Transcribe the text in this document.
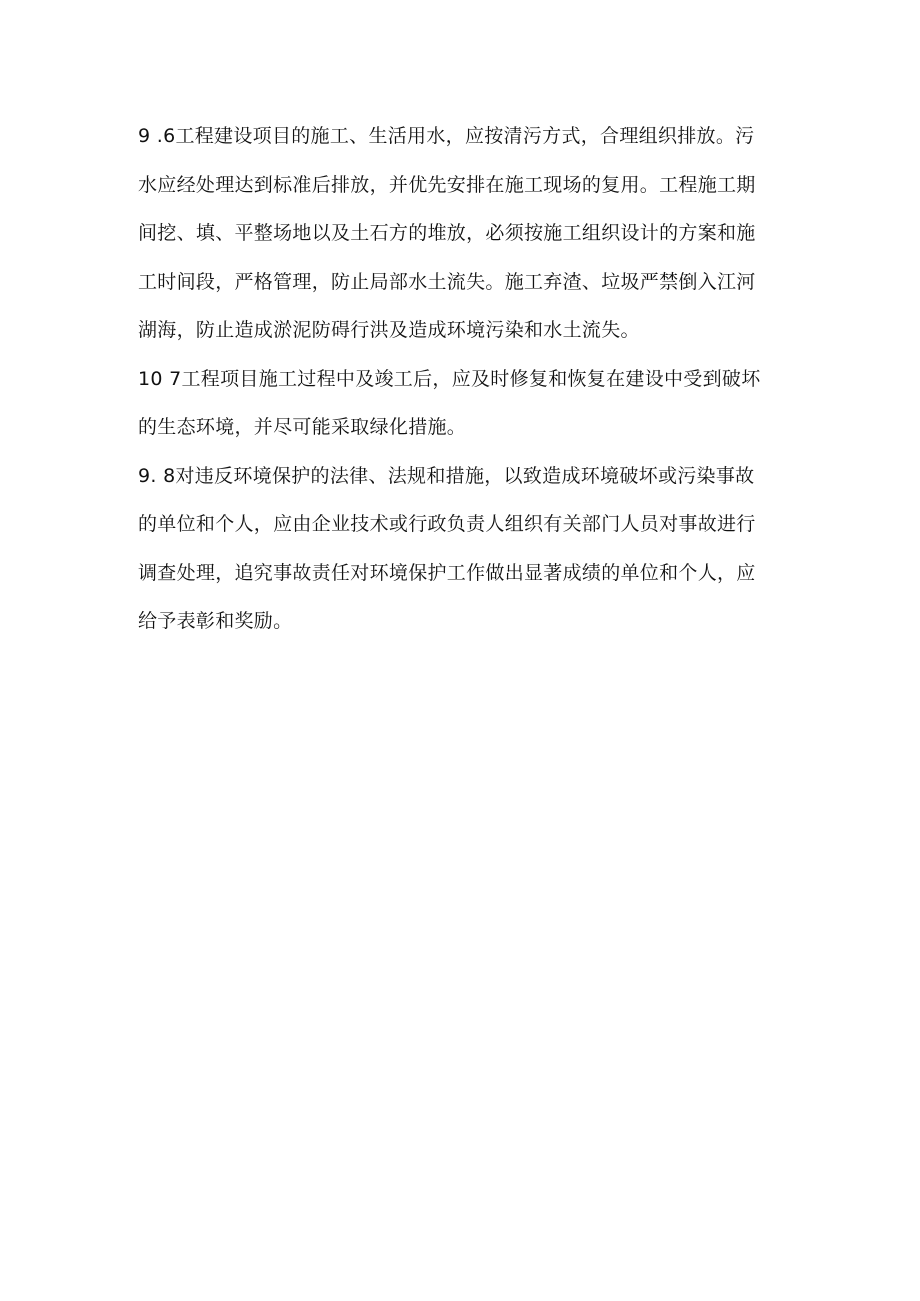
9 .6工程建设项目的施工、生活用水，应按清污方式，合理组织排放。污
水应经处理达到标准后排放，并优先安排在施工现场的复用。工程施工期
间挖、填、平整场地以及土石方的堆放，必须按施工组织设计的方案和施
工时间段，严格管理，防止局部水土流失。施工弃渣、垃圾严禁倒入江河
湖海，防止造成淤泥防碍行洪及造成环境污染和水土流失。
10 7工程项目施工过程中及竣工后，应及时修复和恢复在建设中受到破坏
的生态环境，并尽可能采取绿化措施。
9. 8对违反环境保护的法律、法规和措施，以致造成环境破坏或污染事故
的单位和个人，应由企业技术或行政负责人组织有关部门人员对事故进行
调查处理，追究事故责任对环境保护工作做出显著成绩的单位和个人，应
给予表彰和奖励。
